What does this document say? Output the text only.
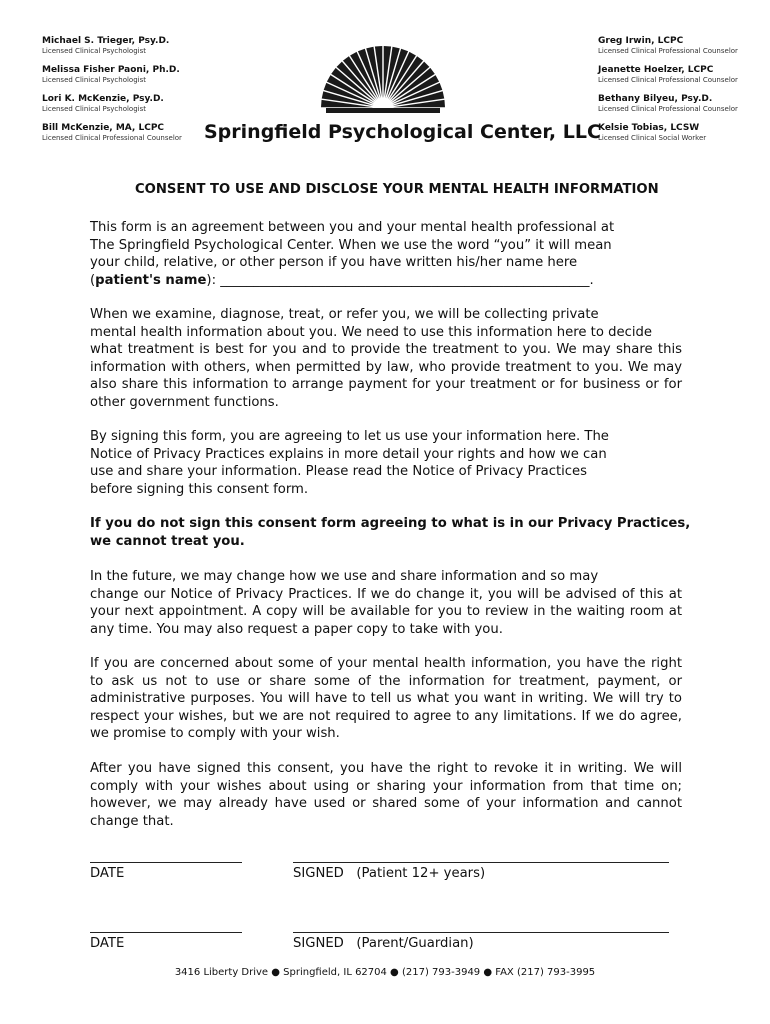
Michael S. Trieger, Psy.D.
Licensed Clinical Psychologist
Melissa Fisher Paoni, Ph.D.
Licensed Clinical Psychologist
Lori K. McKenzie, Psy.D.
Licensed Clinical Psychologist
Bill McKenzie, MA, LCPC
Licensed Clinical Professional Counselor
Greg Irwin, LCPC
Licensed Clinical Professional Counselor
Jeanette Hoelzer, LCPC
Licensed Clinical Professional Counselor
Bethany Bilyeu, Psy.D.
Licensed Clinical Professional Counselor
Kelsie Tobias, LCSW
Licensed Clinical Social Worker
Springfield Psychological Center, LLC
CONSENT TO USE AND DISCLOSE YOUR MENTAL HEALTH INFORMATION
This form is an agreement between you and your mental health professional at
The Springfield Psychological Center. When we use the word “you” it will mean
your child, relative, or other person if you have written his/her name here
(patient's name): ________________________________________________________.
When we examine, diagnose, treat, or refer you, we will be collecting private
mental health information about you. We need to use this information here to decide
what treatment is best for you and to provide the treatment to you. We may share this
information with others, when permitted by law, who provide treatment to you. We may
also share this information to arrange payment for your treatment or for business or for
other government functions.
By signing this form, you are agreeing to let us use your information here. The
Notice of Privacy Practices explains in more detail your rights and how we can
use and share your information. Please read the Notice of Privacy Practices
before signing this consent form.
If you do not sign this consent form agreeing to what is in our Privacy Practices,
we cannot treat you.
In the future, we may change how we use and share information and so may
change our Notice of Privacy Practices. If we do change it, you will be advised of this at
your next appointment. A copy will be available for you to review in the waiting room at
any time. You may also request a paper copy to take with you.
If you are concerned about some of your mental health information, you have the right
to ask us not to use or share some of the information for treatment, payment, or
administrative purposes. You will have to tell us what you want in writing. We will try to
respect your wishes, but we are not required to agree to any limitations. If we do agree,
we promise to comply with your wish.
After you have signed this consent, you have the right to revoke it in writing. We will
comply with your wishes about using or sharing your information from that time on;
however, we may already have used or shared some of your information and cannot
change that.
DATE	SIGNED   (Patient 12+ years)
DATE	SIGNED   (Parent/Guardian)
3416 Liberty Drive ● Springfield, IL 62704 ● (217) 793-3949 ● FAX (217) 793-3995
